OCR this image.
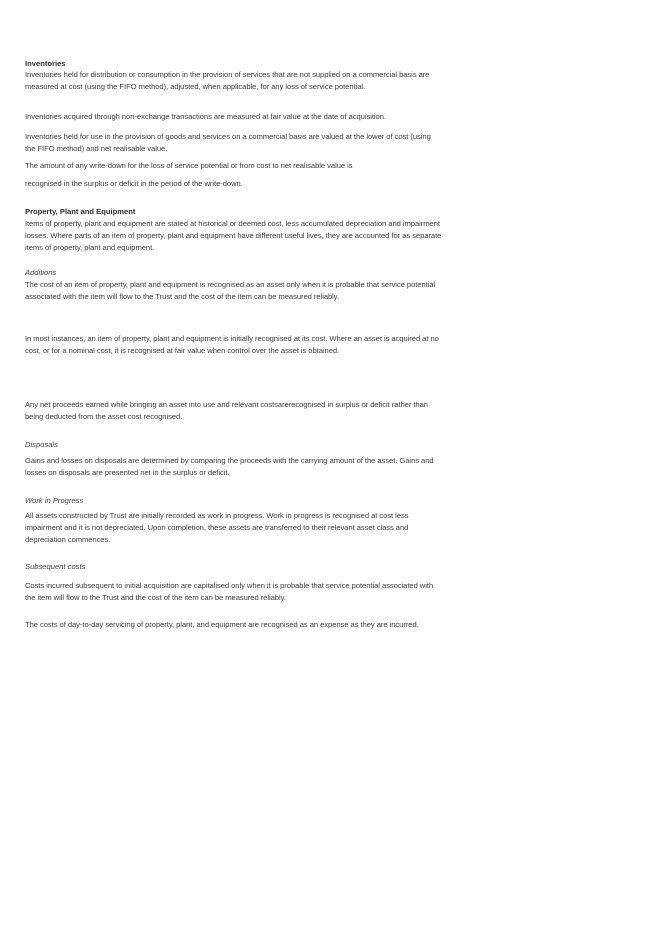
Inventories

Inventories held for distribution or consumption in the provision of services that are not supplied on a commercial basis are measured at cost (using the FIFO method), adjusted, when applicable, for any loss of service potential.

Inventories acquired through non-exchange transactions are measured at fair value at the date of acquisition.

Inventories held for use in the provision of goods and services on a commercial basis are valued at the lower of cost (using the FIFO method) and net realisable value.

The amount of any write-down for the loss of service potential or from cost to net realisable value is

recognised in the surplus or deficit in the period of the write-down.

Property, Plant and Equipment

Items of property, plant and equipment are stated at historical or deemed cost, less accumulated depreciation and impairment losses. Where parts of an item of property, plant and equipment have different useful lives, they are accounted for as separate items of property, plant and equipment.

Additions

The cost of an item of property, plant and equipment is recognised as an asset only when it is probable that service potential associated with the item will flow to the Trust and the cost of the item can be measured reliably.

In most instances, an item of property, plant and equipment is initially recognised at its cost. Where an asset is acquired at no cost, or for a nominal cost, it is recognised at fair value when control over the asset is obtained.

Any net proceeds earned while bringing an asset into use and relevant costsarerecognised in surplus or deficit rather than being deducted from the asset cost recognised.

Disposals

Gains and losses on disposals are determined by comparing the proceeds with the carrying amount of the asset. Gains and losses on disposals are presented net in the surplus or deficit.

Work in Progress

All assets constructed by Trust are initially recorded as work in progress. Work in progress is recognised at cost less impairment and it is not depreciated. Upon completion, these assets are transferred to their relevant asset class and depreciation commences.

Subsequent costs

Costs incurred subsequent to initial acquisition are capitalised only when it is probable that service potential associated with the item will flow to the Trust and the cost of the item can be measured reliably.

The costs of day-to-day servicing of property, plant, and equipment are recognised as an expense as they are incurred.
